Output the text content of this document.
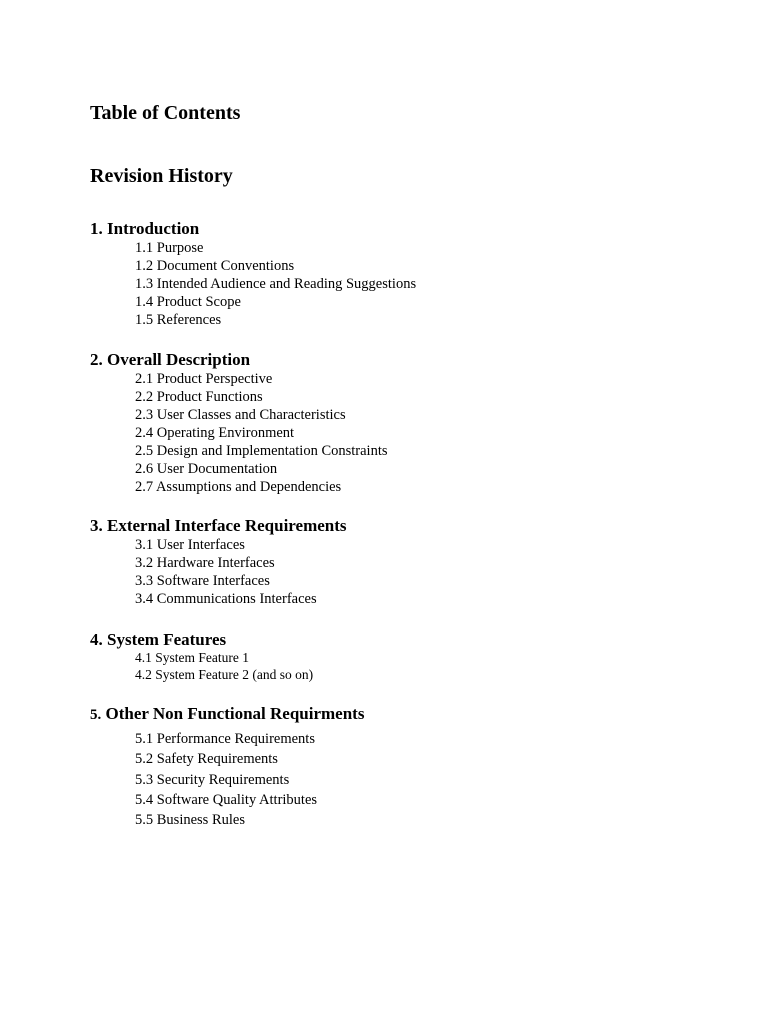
Table of Contents
Revision History
1. Introduction
1.1 Purpose
1.2 Document Conventions
1.3 Intended Audience and Reading Suggestions
1.4 Product Scope
1.5 References
2. Overall Description
2.1 Product Perspective
2.2 Product Functions
2.3 User Classes and Characteristics
2.4 Operating Environment
2.5 Design and Implementation Constraints
2.6 User Documentation
2.7 Assumptions and Dependencies
3. External Interface Requirements
3.1 User Interfaces
3.2 Hardware Interfaces
3.3 Software Interfaces
3.4 Communications Interfaces
4. System Features
4.1 System Feature 1
4.2 System Feature 2 (and so on)
5. Other Non Functional Requirments
5.1 Performance Requirements
5.2 Safety Requirements
5.3 Security Requirements
5.4 Software Quality Attributes
5.5 Business Rules
